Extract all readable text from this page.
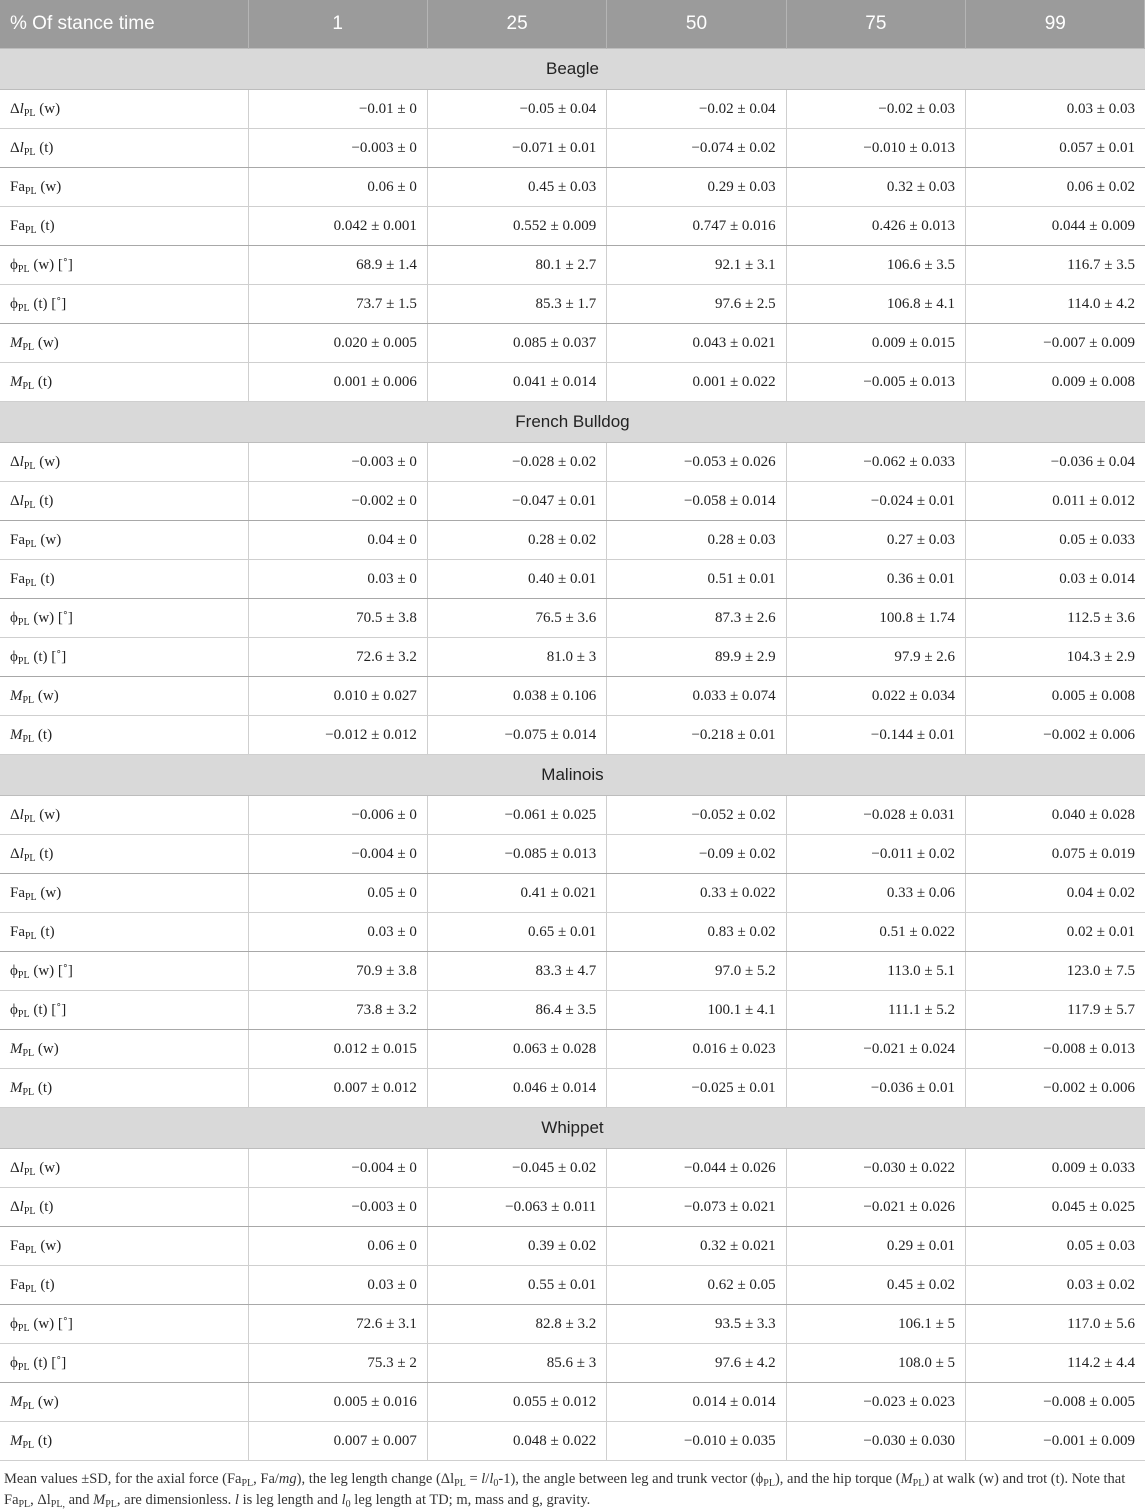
% Of stance time	1	25	50	75	99
Beagle					
$\Delta l_{PL}$ (w)	−0.01 ± 0	−0.05 ± 0.04	−0.02 ± 0.04	−0.02 ± 0.03	0.03 ± 0.03
$\Delta l_{PL}$ (t)	−0.003 ± 0	−0.071 ± 0.01	−0.074 ± 0.02	−0.010 ± 0.013	0.057 ± 0.01
$Fa_{PL}$ (w)	0.06 ± 0	0.45 ± 0.03	0.29 ± 0.03	0.32 ± 0.03	0.06 ± 0.02
$Fa_{PL}$ (t)	0.042 ± 0.001	0.552 ± 0.009	0.747 ± 0.016	0.426 ± 0.013	0.044 ± 0.009
$\phi_{PL}$ (w) [˚]	68.9 ± 1.4	80.1 ± 2.7	92.1 ± 3.1	106.6 ± 3.5	116.7 ± 3.5
$\phi_{PL}$ (t) [˚]	73.7 ± 1.5	85.3 ± 1.7	97.6 ± 2.5	106.8 ± 4.1	114.0 ± 4.2
$M_{PL}$ (w)	0.020 ± 0.005	0.085 ± 0.037	0.043 ± 0.021	0.009 ± 0.015	−0.007 ± 0.009
$M_{PL}$ (t)	0.001 ± 0.006	0.041 ± 0.014	0.001 ± 0.022	−0.005 ± 0.013	0.009 ± 0.008
French Bulldog					
$\Delta l_{PL}$ (w)	−0.003 ± 0	−0.028 ± 0.02	−0.053 ± 0.026	−0.062 ± 0.033	−0.036 ± 0.04
$\Delta l_{PL}$ (t)	−0.002 ± 0	−0.047 ± 0.01	−0.058 ± 0.014	−0.024 ± 0.01	0.011 ± 0.012
$Fa_{PL}$ (w)	0.04 ± 0	0.28 ± 0.02	0.28 ± 0.03	0.27 ± 0.03	0.05 ± 0.033
$Fa_{PL}$ (t)	0.03 ± 0	0.40 ± 0.01	0.51 ± 0.01	0.36 ± 0.01	0.03 ± 0.014
$\phi_{PL}$ (w) [˚]	70.5 ± 3.8	76.5 ± 3.6	87.3 ± 2.6	100.8 ± 1.74	112.5 ± 3.6
$\phi_{PL}$ (t) [˚]	72.6 ± 3.2	81.0 ± 3	89.9 ± 2.9	97.9 ± 2.6	104.3 ± 2.9
$M_{PL}$ (w)	0.010 ± 0.027	0.038 ± 0.106	0.033 ± 0.074	0.022 ± 0.034	0.005 ± 0.008
$M_{PL}$ (t)	−0.012 ± 0.012	−0.075 ± 0.014	−0.218 ± 0.01	−0.144 ± 0.01	−0.002 ± 0.006
Malinois					
$\Delta l_{PL}$ (w)	−0.006 ± 0	−0.061 ± 0.025	−0.052 ± 0.02	−0.028 ± 0.031	0.040 ± 0.028
$\Delta l_{PL}$ (t)	−0.004 ± 0	−0.085 ± 0.013	−0.09 ± 0.02	−0.011 ± 0.02	0.075 ± 0.019
$Fa_{PL}$ (w)	0.05 ± 0	0.41 ± 0.021	0.33 ± 0.022	0.33 ± 0.06	0.04 ± 0.02
$Fa_{PL}$ (t)	0.03 ± 0	0.65 ± 0.01	0.83 ± 0.02	0.51 ± 0.022	0.02 ± 0.01
$\phi_{PL}$ (w) [˚]	70.9 ± 3.8	83.3 ± 4.7	97.0 ± 5.2	113.0 ± 5.1	123.0 ± 7.5
$\phi_{PL}$ (t) [˚]	73.8 ± 3.2	86.4 ± 3.5	100.1 ± 4.1	111.1 ± 5.2	117.9 ± 5.7
$M_{PL}$ (w)	0.012 ± 0.015	0.063 ± 0.028	0.016 ± 0.023	−0.021 ± 0.024	−0.008 ± 0.013
$M_{PL}$ (t)	0.007 ± 0.012	0.046 ± 0.014	−0.025 ± 0.01	−0.036 ± 0.01	−0.002 ± 0.006
Whippet					
$\Delta l_{PL}$ (w)	−0.004 ± 0	−0.045 ± 0.02	−0.044 ± 0.026	−0.030 ± 0.022	0.009 ± 0.033
$\Delta l_{PL}$ (t)	−0.003 ± 0	−0.063 ± 0.011	−0.073 ± 0.021	−0.021 ± 0.026	0.045 ± 0.025
$Fa_{PL}$ (w)	0.06 ± 0	0.39 ± 0.02	0.32 ± 0.021	0.29 ± 0.01	0.05 ± 0.03
$Fa_{PL}$ (t)	0.03 ± 0	0.55 ± 0.01	0.62 ± 0.05	0.45 ± 0.02	0.03 ± 0.02
$\phi_{PL}$ (w) [˚]	72.6 ± 3.1	82.8 ± 3.2	93.5 ± 3.3	106.1 ± 5	117.0 ± 5.6
$\phi_{PL}$ (t) [˚]	75.3 ± 2	85.6 ± 3	97.6 ± 4.2	108.0 ± 5	114.2 ± 4.4
$M_{PL}$ (w)	0.005 ± 0.016	0.055 ± 0.012	0.014 ± 0.014	−0.023 ± 0.023	−0.008 ± 0.005
$M_{PL}$ (t)	0.007 ± 0.007	0.048 ± 0.022	−0.010 ± 0.035	−0.030 ± 0.030	−0.001 ± 0.009
Mean values ±SD, for the axial force ($Fa_{PL}$, Fa/mg), the leg length change $(\Delta l_{PL} = l/l_0-1)$, the angle between leg and trunk vector $(\phi_{PL})$, and the hip torque $(M_{PL})$ at walk (w) and trot (t). Note that $Fa_{PL}$, $\Delta l_{PL,}$ and $M_{PL}$, are dimensionless. l is leg length and $l_0$ leg length at TD; m, mass and g, gravity.
